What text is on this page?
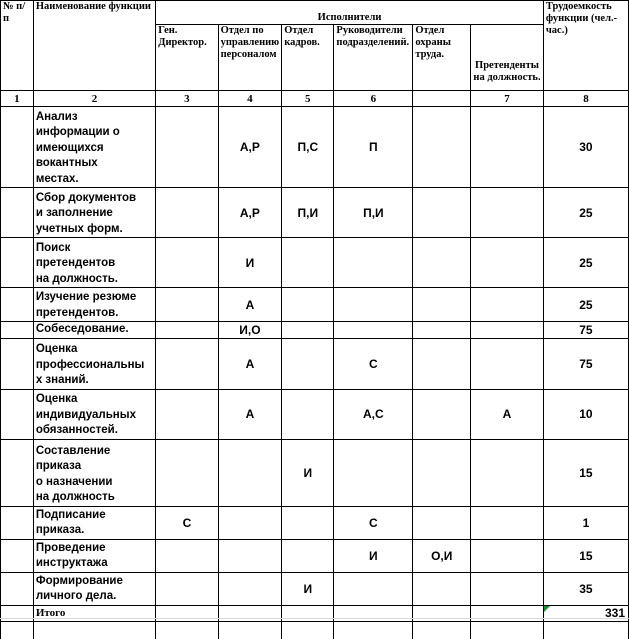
№ п/п	Наименование функции	Исполнители						Трудоемкость функции (чел.-час.)
		Ген. Директор.	Отдел по управлению персоналом	Отдел кадров.	Руководители подразделений.	Отдел охраны труда.	Претенденты на должность.	
1	2	3	4	5	6		7	8
	Анализ
информации о
имеющихся
вокантных
местах.		А,Р	П,С	П			30
	Сбор документов
и заполнение
учетных форм.		А,Р	П,И	П,И			25
	Поиск
претендентов
на должность.		И					25
	Изучение резюме
претендентов.		А					25
	Собеседование.		И,О					75
	Оценка
профессиональны
х знаний.		А		С			75
	Оценка
индивидуальных
обязанностей.		А		А,С		А	10
	Составление
приказа
о назначении
на должность			И				15
	Подписание
приказа.	С			С			1
	Проведение
инструктажа				И	О,И		15
	Формирование
личного дела.			И				35
	Итого							331
